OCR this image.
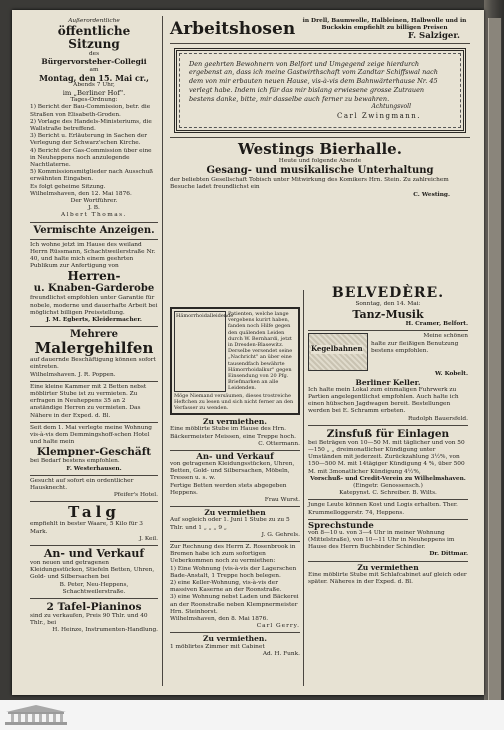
Außerordentliche

öffentliche Sitzung

des

Bürgervorsteher-Collegii

am

Montag, den 15. Mai cr.,

Abends 7 Uhr,

im „Berliner Hof".

Tages-Ordnung:

1) Bericht der Bau-Commission, betr. die Straßen von Elisabeth-Groden.

2) Vorlage des Handels-Ministeriums, die Wallstraße betreffend.

3) Bericht u. Erläuterung in Sachen der Verlegung der Schwarz'schen Kirche.

4) Bericht der Gas-Commission über eine in Neuheppens noch anzulegende Nachtlaterne.

5) Kommissionsmitglieder nach Ausschuß erwähnten Eingaben.

Es folgt geheime Sitzung.

Wilhelmshaven, den 12. Mai 1876.

Der Wortführer.

J. B.

Albert Thomas.

Vermischte Anzeigen.

Ich wohne jetzt im Hause des weiland Herrn Rüssmann, Schachtweilerstraße Nr. 40, und halte mich einem geehrten Publikum zur Anfertigung von

Herren-

u. Knaben-Garderobe

freundlichst empfohlen unter Garantie für nobele, moderne und dauerhafte Arbeit bei möglichst billigen Preisstellung.

J. M. Egberts, Kleidermacher.

Mehrere

Malergehilfen

auf dauernde Beschäftigung können sofort eintreten.

Wilhelmshaven. J. R. Poppen.

Eine kleine Kammer mit 2 Betten nebst möblirter Stube ist zu vermieten. Zu erfragen in Neuheppens 35 an 2 anständige Herren zu vermieten. Das Nähere in der Exped. d. Bl.

Seit dem 1. Mai verlegte meine Wohnung vis-à-vis dem Demmingshoff-schen Hotel und halte mein

Klempner-Geschäft

bei Bedarf bestens empfohlen.

F. Westerhausen.

Gesucht auf sofort ein ordentlicher Hausknecht.

Pfeifer's Hotel.

Talg

empfiehlt in bester Waare, 5 Kilo für 3 Mark.

J. Keil.

An- und Verkauf

von neuen und getragenen Kleidungsstücken, Stiefeln Betten, Uhren, Gold- und Silbersachen bei

B. Peter, Neu-Heppens, Schachtweilerstraße.

2 Tafel-Pianinos

sind zu verkaufen, Preis 90 Thlr. und 40 Thlr., bei

H. Heinze, Instrumenten-Handlung.

Arbeitshosen	in Drell, Baumwolle, Halbleinen, Halbwolle und in Buckskin empfiehlt zu billigen Preisen

F. Salziger.

Den geehrten Bewohnern von Belfort und Umgegend zeige hierdurch ergebenst an, dass ich meine Gastwirthschaft vom Zandtar Schiffswal nach dem von mir erbauten neuen Hause, vis-à-vis dem Bahnwärterhause Nr. 45 verlegt habe. Indem ich für das mir bislang erwiesene grosse Zutrauen bestens danke, bitte, mir dasselbe auch ferner zu bewahren.

Achtungsvoll

Carl Zwingmann.

Westings Bierhalle.

Heute und folgende Abende

Gesang- und musikalische Unterhaltung

der beliebten Gesellschaft Tobisch unter Mitwirkung des Komikers Hrn. Stein. Zu zahlreichem Besuche ladet freundlichst ein

C. Westing.

Hämorrhoidalleidende
Patienten, welche lange vergebens kurirt haben, fanden noch Hilfe gegen den quälenden Leiden durch W. Bernhardi, jetzt in Dresden-Blasewitz. Derselbe versendet seine „Nachricht" an über eine tausendfach bewährte Hämorrhoidalkur" gegen Einsendung von 20 Pfg. Briefmarken an alle Leidenden.

Möge Niemand versäumen, dieses trostreiche Heftchen zu lesen und sich nicht ferner an den Verfasser zu wenden.

Zu vermiethen.

Eine möblirte Stube im Hause des Hrn. Bäckermeister Meissen, eine Treppe hoch.

C. Ottermann.

An- und Verkauf

von getragenen Kleidungsstücken, Uhren, Betten, Gold- und Silbersachen, Möbeln, Tressen u. s. w.

Fertige Betten werden stets abgegeben Heppens.

Frau Wurst.

Zu vermiethen

Auf sogleich oder 1. Juni 1 Stube zu zu 5 Thlr. und 1 „ „ „ 9 „

J. G. Gehrels.

Zur Rechnung des Herrn Z. Rosenbrook in Bremen habe ich zum sofortigen Ueberkommen noch zu vermiethen:

1) Eine Wohnung (vis-à-vis der Lagerschen Bade-Anstalt, 1 Treppe hoch belegen.

2) eine Keller-Wohnung, vis-à-vis der massiven Kaserne an der Roonstraße.

3) eine Wohnung nebst Laden und Bäckerei an der Roonstraße neben Klempnermeister Hrn. Steinhorst.

Wilhelmshaven, den 8. Mai 1876.

Carl Gerry.

Zu vermiethen.

1 möblirtes Zimmer mit Cabinet

Ad. H. Funk.

BELVEDÈRE.

Sonntag, den 14. Mai:

Tanz-Musik

H. Cramer, Belfort.

Kegelbahnen

Meine schönen

halte zur fleißigen Benutzung bestens empfohlen.

W. Kobelt.

Berliner Keller.

Ich halte mein Lokal zum einmaligen Fuhrwerk zu Partien angelegentlichst empfohlen. Auch halte ich einen hübschen Jagdwagen bereit. Bestellungen werden bei E. Schramm erbeten.

Rudolph Bauersfeld.

Zinsfuß für Einlagen

bei Beträgen von 10—50 M. mit täglicher und von 50—150 „ „ dreimonatlicher Kündigung unter Umständen mit jederzeit. Zurückzahlung 3½%, von 150—500 M. mit 14tägiger Kündigung 4 %, über 500 M. mit 3monatlicher Kündigung 4½%,

Vorschuß- und Credit-Verein zu Wilhelmshaven.

(Eingetr. Genossensch.)

Katepynst. C. Schreiber. B. Wilts.

Junge Leute können Kost und Logis erhalten. Ther. Krummelloggerstr. 74, Heppens.

Sprechstunde

von 8—10 u. von 3—4 Uhr in meiner Wohnung (Mittelstraße), von 10—11 Uhr in Neuheppens im Hause des Herrn Buchbinder Schindler.

Dr. Dittmar.

Zu vermiethen

Eine möblirte Stube mit Schlafcabinet auf gleich oder später. Näheres in der Exped. d. Bl.
